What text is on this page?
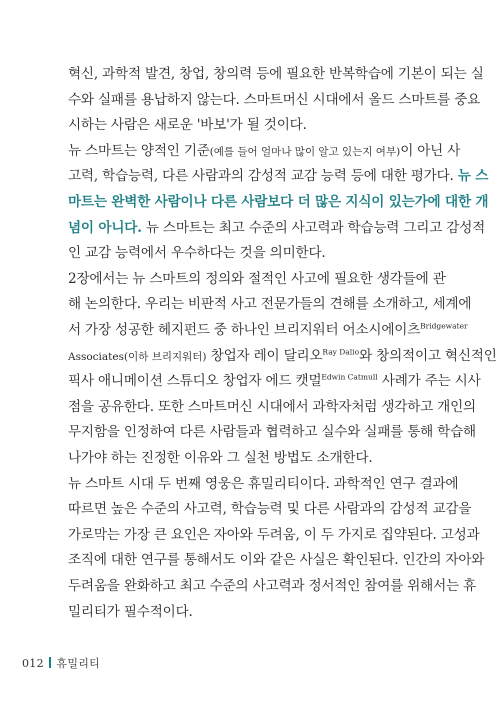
혁신, 과학적 발견, 창업, 창의력 등에 필요한 반복학습에 기본이 되는 실
수와 실패를 용납하지 않는다. 스마트머신 시대에서 올드 스마트를 중요
시하는 사람은 새로운 '바보'가 될 것이다.
뉴 스마트는 양적인 기준(예를 들어 얼마나 많이 알고 있는지 여부)이 아닌 사
고력, 학습능력, 다른 사람과의 감성적 교감 능력 등에 대한 평가다. 뉴 스
마트는 완벽한 사람이나 다른 사람보다 더 많은 지식이 있는가에 대한 개
념이 아니다. 뉴 스마트는 최고 수준의 사고력과 학습능력 그리고 감성적
인 교감 능력에서 우수하다는 것을 의미한다.
2장에서는 뉴 스마트의 정의와 절적인 사고에 필요한 생각들에 관
해 논의한다. 우리는 비판적 사고 전문가들의 견해를 소개하고, 세계에
서 가장 성공한 헤지펀드 중 하나인 브리지워터 어소시에이츠$^{Bridgewater}$
Associates(이하 브리지워터) 창업자 레이 달리오$^{Ray Dalio}$와 창의적이고 혁신적인
픽사 애니메이션 스튜디오 창업자 에드 캣멀$^{Edwin Catmull}$ 사례가 주는 시사
점을 공유한다. 또한 스마트머신 시대에서 과학자처럼 생각하고 개인의
무지함을 인정하여 다른 사람들과 협력하고 실수와 실패를 통해 학습해
나가야 하는 진정한 이유와 그 실천 방법도 소개한다.
뉴 스마트 시대 두 번째 영웅은 휴밀리티이다. 과학적인 연구 결과에
따르면 높은 수준의 사고력, 학습능력 및 다른 사람과의 감성적 교감을
가로막는 가장 큰 요인은 자아와 두려움, 이 두 가지로 집약된다. 고성과
조직에 대한 연구를 통해서도 이와 같은 사실은 확인된다. 인간의 자아와
두려움을 완화하고 최고 수준의 사고력과 정서적인 참여를 위해서는 휴
밀리티가 필수적이다.
012 휴밀리티
